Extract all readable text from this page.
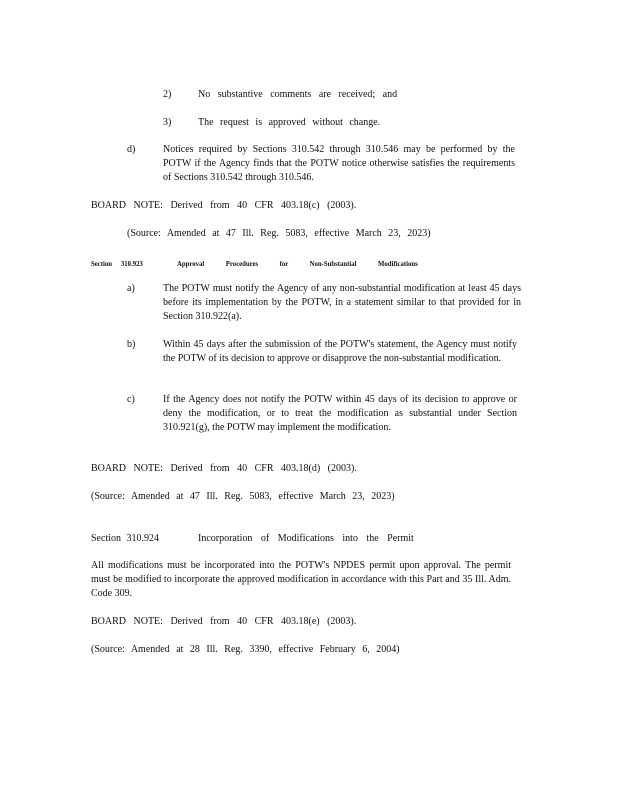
2)	No substantive comments are received; and
3)	The request is approved without change.
d)	Notices required by Sections 310.542 through 310.546 may be performed by the POTW if the Agency finds that the POTW notice otherwise satisfies the requirements of Sections 310.542 through 310.546.
BOARD NOTE: Derived from 40 CFR 403.18(c) (2003).
(Source: Amended at 47 Ill. Reg. 5083, effective March 23, 2023)
Section 310.923	Approval Procedures for Non-Substantial Modifications
a)	The POTW must notify the Agency of any non-substantial modification at least 45 days before its implementation by the POTW, in a statement similar to that provided for in Section 310.922(a).
b)	Within 45 days after the submission of the POTW's statement, the Agency must notify the POTW of its decision to approve or disapprove the non-substantial modification.
c)	If the Agency does not notify the POTW within 45 days of its decision to approve or deny the modification, or to treat the modification as substantial under Section 310.921(g), the POTW may implement the modification.
BOARD NOTE: Derived from 40 CFR 403.18(d) (2003).
(Source: Amended at 47 Ill. Reg. 5083, effective March 23, 2023)
Section 310.924	Incorporation of Modifications into the Permit
All modifications must be incorporated into the POTW's NPDES permit upon approval. The permit must be modified to incorporate the approved modification in accordance with this Part and 35 Ill. Adm. Code 309.
BOARD NOTE: Derived from 40 CFR 403.18(e) (2003).
(Source: Amended at 28 Ill. Reg. 3390, effective February 6, 2004)
